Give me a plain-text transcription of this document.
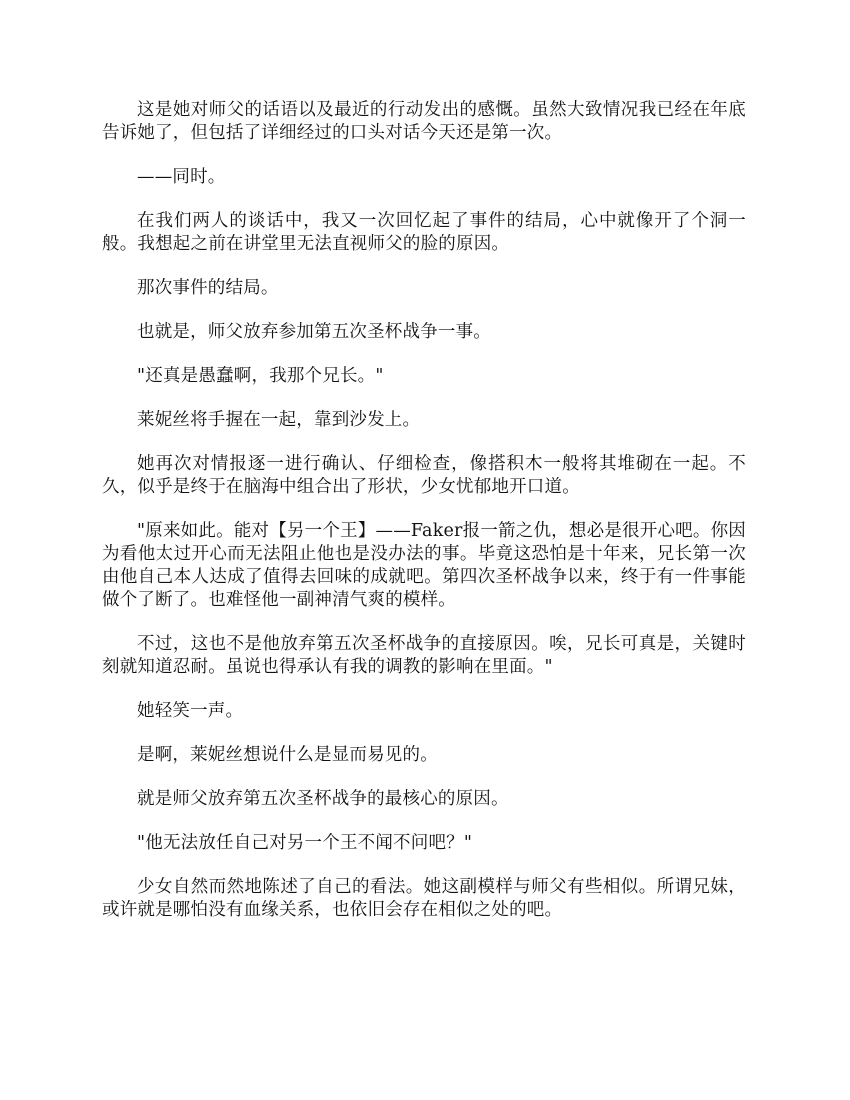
这是她对师父的话语以及最近的行动发出的感慨。虽然大致情况我已经在年底告诉她了，但包括了详细经过的口头对话今天还是第一次。

——同时。

在我们两人的谈话中，我又一次回忆起了事件的结局，心中就像开了个洞一般。我想起之前在讲堂里无法直视师父的脸的原因。

那次事件的结局。

也就是，师父放弃参加第五次圣杯战争一事。

"还真是愚蠢啊，我那个兄长。"

莱妮丝将手握在一起，靠到沙发上。

她再次对情报逐一进行确认、仔细检查，像搭积木一般将其堆砌在一起。不久，似乎是终于在脑海中组合出了形状，少女忧郁地开口道。

"原来如此。能对【另一个王】——Faker报一箭之仇，想必是很开心吧。你因为看他太过开心而无法阻止他也是没办法的事。毕竟这恐怕是十年来，兄长第一次由他自己本人达成了值得去回味的成就吧。第四次圣杯战争以来，终于有一件事能做个了断了。也难怪他一副神清气爽的模样。

不过，这也不是他放弃第五次圣杯战争的直接原因。唉，兄长可真是，关键时刻就知道忍耐。虽说也得承认有我的调教的影响在里面。"

她轻笑一声。

是啊，莱妮丝想说什么是显而易见的。

就是师父放弃第五次圣杯战争的最核心的原因。

"他无法放任自己对另一个王不闻不问吧？"

少女自然而然地陈述了自己的看法。她这副模样与师父有些相似。所谓兄妹，或许就是哪怕没有血缘关系，也依旧会存在相似之处的吧。
